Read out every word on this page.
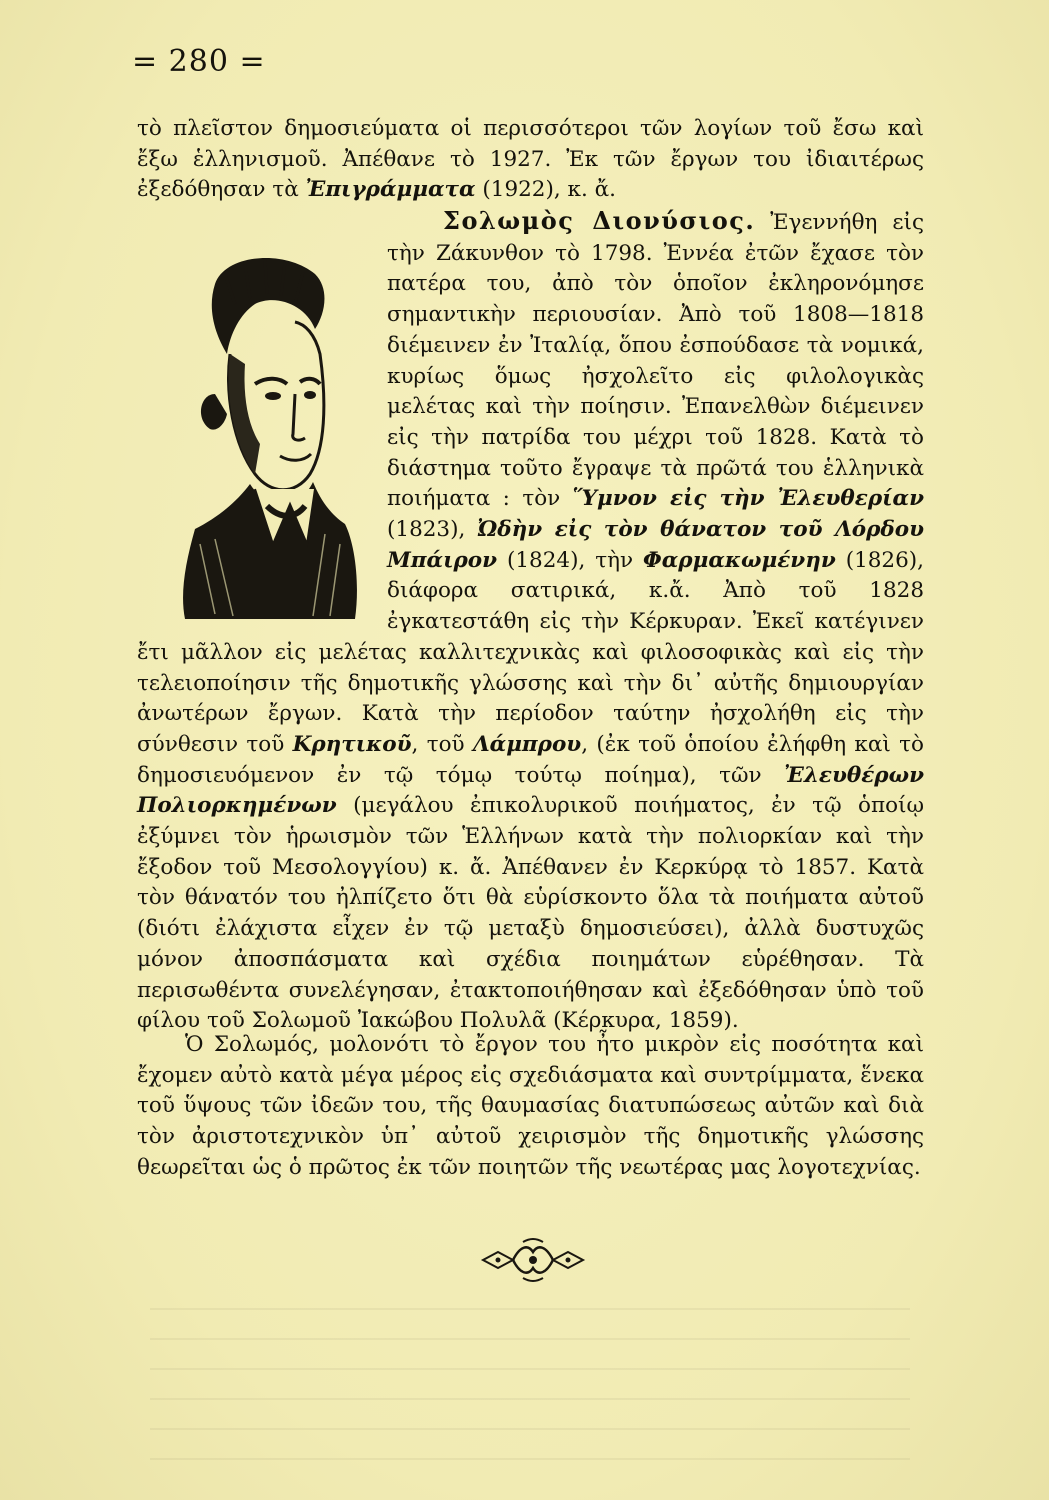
= 280 =

τὸ πλεῖστον δημοσιεύματα οἱ περισσότεροι τῶν λογίων τοῦ ἔσω καὶ ἔξω ἑλληνισμοῦ. Ἀπέθανε τὸ 1927. Ἐκ τῶν ἔργων του ἰδιαιτέρως ἐξεδόθησαν τὰ Ἐπιγράμματα (1922), κ. ἄ.

Σολωμὸς Διονύσιος. Ἐγεννήθη εἰς τὴν Ζάκυνθον τὸ 1798. Ἐννέα ἐτῶν ἔχασε τὸν πατέρα του, ἀπὸ τὸν ὁποῖον ἐκληρονόμησε σημαντικὴν περιουσίαν. Ἀπὸ τοῦ 1808—1818 διέμεινεν ἐν Ἰταλίᾳ, ὅπου ἐσπούδασε τὰ νομικά, κυρίως ὅμως ἠσχολεῖτο εἰς φιλολογικὰς μελέτας καὶ τὴν ποίησιν. Ἐπανελθὼν διέμεινεν εἰς τὴν πατρίδα του μέχρι τοῦ 1828. Κατὰ τὸ διάστημα τοῦτο ἔγραψε τὰ πρῶτά του ἑλληνικὰ ποιήματα : τὸν Ὕμνον εἰς τὴν Ἐλευθερίαν (1823), Ὠδὴν εἰς τὸν θάνατον τοῦ Λόρδου Μπάιρον (1824), τὴν Φαρμακωμένην (1826), διάφορα σατιρικά, κ.ἄ. Ἀπὸ τοῦ 1828 ἐγκατεστάθη εἰς τὴν Κέρκυραν. Ἐκεῖ κατέγινεν ἔτι μᾶλλον εἰς μελέτας καλλιτεχνικὰς καὶ φιλοσοφικὰς καὶ εἰς τὴν τελειοποίησιν τῆς δημοτικῆς γλώσσης καὶ τὴν δι᾽ αὐτῆς δημιουργίαν ἀνωτέρων ἔργων. Κατὰ τὴν περίοδον ταύτην ἠσχολήθη εἰς τὴν σύνθεσιν τοῦ Κρητικοῦ, τοῦ Λάμπρου, (ἐκ τοῦ ὁποίου ἐλήφθη καὶ τὸ δημοσιευόμενον ἐν τῷ τόμῳ τούτῳ ποίημα), τῶν Ἐλευθέρων Πολιορκημένων (μεγάλου ἐπικολυρικοῦ ποιήματος, ἐν τῷ ὁποίῳ ἐξύμνει τὸν ἡρωισμὸν τῶν Ἑλλήνων κατὰ τὴν πολιορκίαν καὶ τὴν ἔξοδον τοῦ Μεσολογγίου) κ. ἄ. Ἀπέθανεν ἐν Κερκύρᾳ τὸ 1857. Κατὰ τὸν θάνατόν του ἠλπίζετο ὅτι θὰ εὑρίσκοντο ὅλα τὰ ποιήματα αὐτοῦ (διότι ἐλάχιστα εἶχεν ἐν τῷ μεταξὺ δημοσιεύσει), ἀλλὰ δυστυχῶς μόνον ἀποσπάσματα καὶ σχέδια ποιημάτων εὑρέθησαν. Τὰ περισωθέντα συνελέγησαν, ἐτακτοποιήθησαν καὶ ἐξεδόθησαν ὑπὸ τοῦ φίλου τοῦ Σολωμοῦ Ἰακώβου Πολυλᾶ (Κέρκυρα, 1859).

Ὁ Σολωμός, μολονότι τὸ ἔργον του ἦτο μικρὸν εἰς ποσότητα καὶ ἔχομεν αὐτὸ κατὰ μέγα μέρος εἰς σχεδιάσματα καὶ συντρίμματα, ἕνεκα τοῦ ὕψους τῶν ἰδεῶν του, τῆς θαυμασίας διατυπώσεως αὐτῶν καὶ διὰ τὸν ἀριστοτεχνικὸν ὑπ᾽ αὐτοῦ χειρισμὸν τῆς δημοτικῆς γλώσσης θεωρεῖται ὡς ὁ πρῶτος ἐκ τῶν ποιητῶν τῆς νεωτέρας μας λογοτεχνίας.
